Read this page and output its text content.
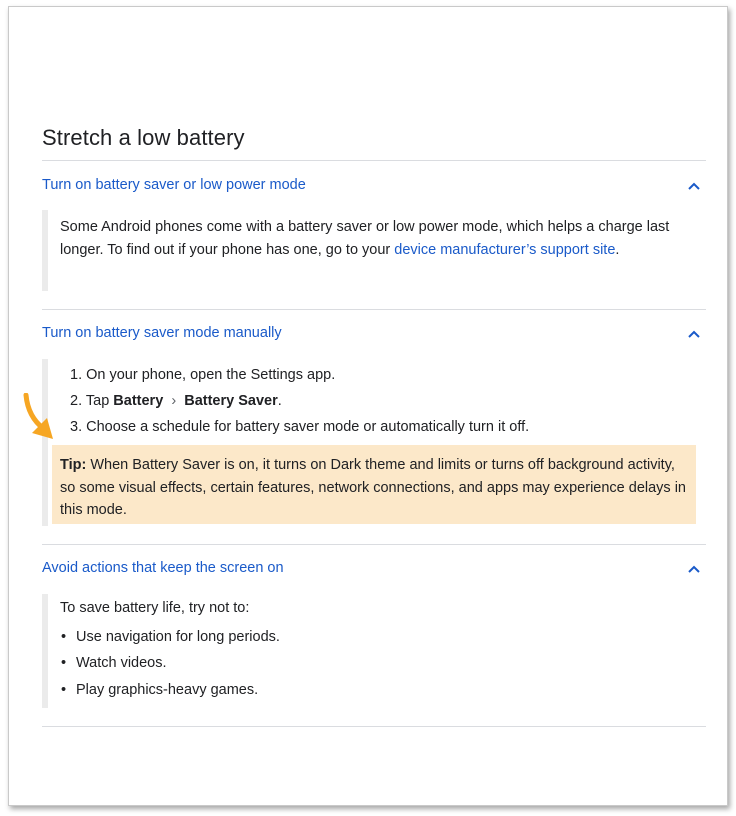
Stretch a low battery
Turn on battery saver or low power mode

Some Android phones come with a battery saver or low power mode, which helps a charge last longer. To find out if your phone has one, go to your device manufacturer’s support site.

Turn on battery saver mode manually
1. On your phone, open the Settings app.
2. Tap Battery › Battery Saver.
3. Choose a schedule for battery saver mode or automatically turn it off.
Tip: When Battery Saver is on, it turns on Dark theme and limits or turns off background activity, so some visual effects, certain features, network connections, and apps may experience delays in this mode.
Avoid actions that keep the screen on

To save battery life, try not to:

• Use navigation for long periods.
• Watch videos.
• Play graphics-heavy games.
